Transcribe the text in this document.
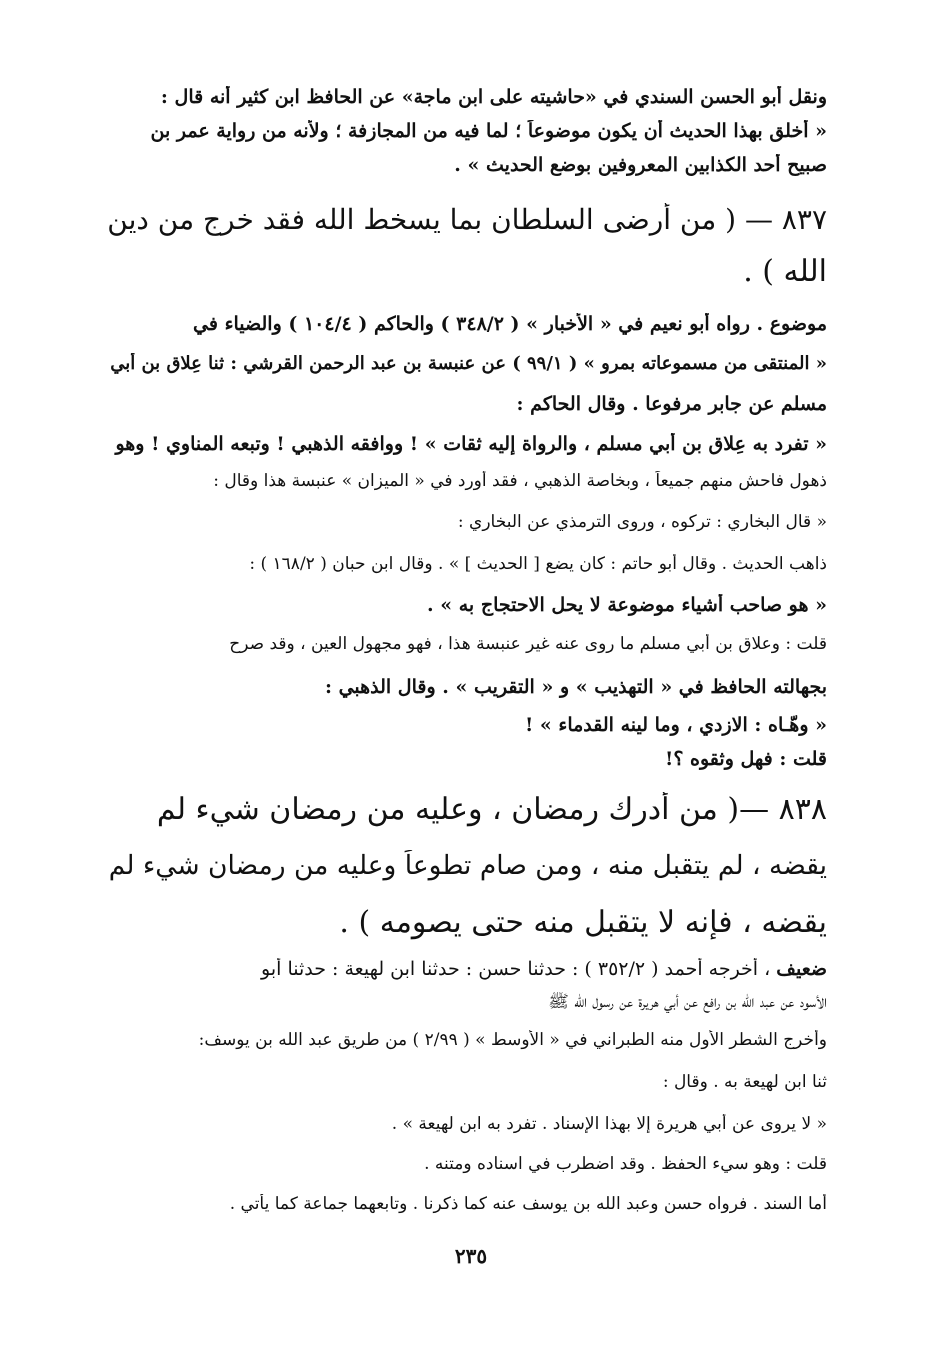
ونقل أبو الحسن السندي في «حاشيته على ابن ماجة» عن الحافظ ابن كثير أنه قال :
« أخلق بهذا الحديث أن يكون موضوعاً ؛ لما فيه من المجازفة ؛ ولأنه من رواية عمر بن
صبيح أحد الكذابين المعروفين بوضع الحديث » .
٨٣٧ — ( من أرضى السلطان بما يسخط الله فقد خرج من دين
الله ) .
موضوع . رواه أبو نعيم في « الأخبار » ( ٣٤٨/٢ ) والحاكم ( ١٠٤/٤ ) والضياء في
« المنتقى من مسموعاته بمرو » ( ٩٩/١ ) عن عنبسة بن عبد الرحمن القرشي : ثنا عِلاق بن أبي
مسلم عن جابر مرفوعا . وقال الحاكم :
« تفرد به عِلاق بن أبي مسلم ، والرواة إليه ثقات » ! ووافقه الذهبي ! وتبعه المناوي ! وهو
ذهول فاحش منهم جميعاً ، وبخاصة الذهبي ، فقد أورد في « الميزان » عنبسة هذا وقال :
« قال البخاري : تركوه ، وروى الترمذي عن البخاري :
ذاهب الحديث . وقال أبو حاتم : كان يضع [ الحديث ] » . وقال ابن حبان ( ١٦٨/٢ ) :
« هو صاحب أشياء موضوعة لا يحل الاحتجاج به » .
قلت : وعلاق بن أبي مسلم ما روى عنه غير عنبسة هذا ، فهو مجهول العين ، وقد صرح
بجهالته الحافظ في « التهذيب » و « التقريب » . وقال الذهبي :
« وهّـاه : الازدي ، وما لينه القدماء » !
قلت : فهل وثقوه ؟!
٨٣٨ —( من أدرك رمضان ، وعليه من رمضان شيء لم
يقضه ، لم يتقبل منه ، ومن صام تطوعاً وعليه من رمضان شيء لم
يقضه ، فإنه لا يتقبل منه حتى يصومه ) .
ضعيف ، أخرجه أحمد ( ٣٥٢/٢ ) : حدثنا حسن : حدثنا ابن لهيعة : حدثنا أبو
الأسود عن عبد الله بن رافع عن أبي هريرة عن رسول الله ﷺ
وأخرج الشطر الأول منه الطبراني في « الأوسط » ( ٢/٩٩ ) من طريق عبد الله بن يوسف:
ثنا ابن لهيعة به . وقال :
« لا يروى عن أبي هريرة إلا بهذا الإسناد . تفرد به ابن لهيعة » .
قلت : وهو سيء الحفظ . وقد اضطرب في اسناده ومتنه .
أما السند . فرواه حسن وعبد الله بن يوسف عنه كما ذكرنا . وتابعهما جماعة كما يأتي .
٢٣٥
